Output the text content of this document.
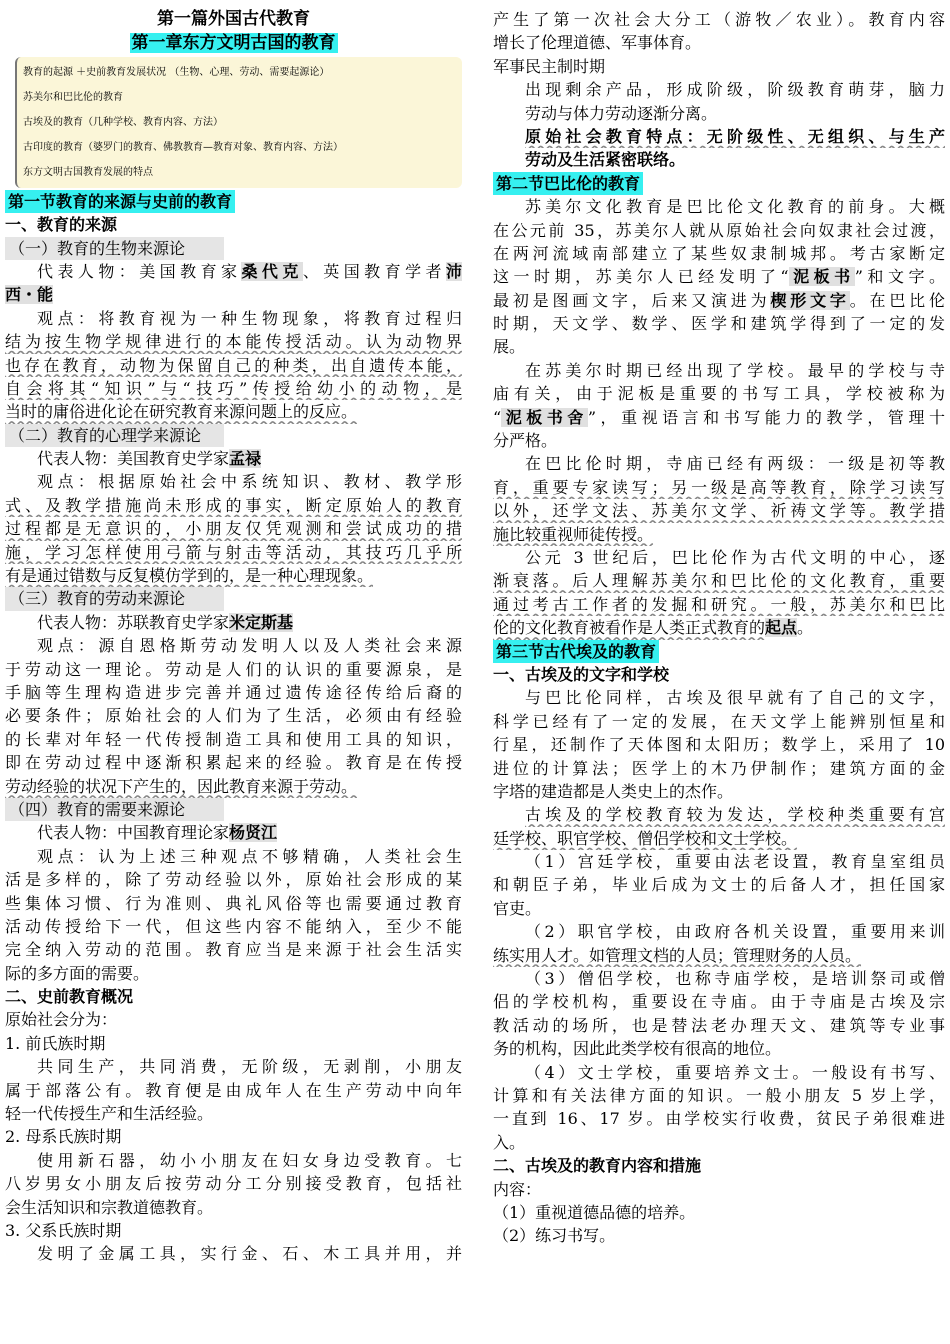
第一篇外国古代教育
第一章东方文明古国的教育
教育的起源 ＋史前教育发展状况 （生物、心理、劳动、需要起源论）
苏美尔和巴比伦的教育
古埃及的教育（几种学校、教育内容、方法）
古印度的教育（婆罗门的教育、佛教教育—教育对象、教育内容、方法）
东方文明古国教育发展的特点
第一节教育的来源与史前的教育
一、教育的来源
（一）教育的生物来源论
代表人物：美国教育家桑代克、英国教育学者沛
西・能
观点：将教育视为一种生物现象，将教育过程归
结为按生物学规律进行的本能传授活动。认为动物界
也存在教育，动物为保留自己的种类，出自遗传本能，
自会将其“知识”与“技巧”传授给幼小的动物，是
当时的庸俗进化论在研究教育来源问题上的反应。
（二）教育的心理学来源论
代表人物：美国教育史学家孟禄
观点：根据原始社会中系统知识、教材、教学形
式、及教学措施尚未形成的事实，断定原始人的教育
过程都是无意识的，小朋友仅凭观测和尝试成功的措
施，学习怎样使用弓箭与射击等活动，其技巧几乎所
有是通过错数与反复模仿学到的，是一种心理现象。
（三）教育的劳动来源论
代表人物：苏联教育史学家米定斯基
观点：源自恩格斯劳动发明人以及人类社会来源
于劳动这一理论。劳动是人们的认识的重要源泉，是
手脑等生理构造进步完善并通过遗传途径传给后裔的
必要条件；原始社会的人们为了生活，必须由有经验
的长辈对年轻一代传授制造工具和使用工具的知识，
即在劳动过程中逐渐积累起来的经验。教育是在传授
劳动经验的状况下产生的，因此教育来源于劳动。
（四）教育的需要来源论
代表人物：中国教育理论家杨贤江
观点：认为上述三种观点不够精确，人类社会生
活是多样的，除了劳动经验以外，原始社会形成的某
些集体习惯、行为准则、典礼风俗等也需要通过教育
活动传授给下一代，但这些内容不能纳入，至少不能
完全纳入劳动的范围。教育应当是来源于社会生活实
际的多方面的需要。
二、史前教育概况
原始社会分为：
1. 前氏族时期
共同生产，共同消费，无阶级，无剥削，小朋友
属于部落公有。教育便是由成年人在生产劳动中向年
轻一代传授生产和生活经验。
2. 母系氏族时期
使用新石器，幼小小朋友在妇女身边受教育。七
八岁男女小朋友后按劳动分工分别接受教育，包括社
会生活知识和宗教道德教育。
3. 父系氏族时期
发明了金属工具，实行金、石、木工具并用，并
产生了第一次社会大分工（游牧／农业）。教育内容
增长了伦理道德、军事体育。
军事民主制时期
出现剩余产品，形成阶级，阶级教育萌芽，脑力
劳动与体力劳动逐渐分离。
原始社会教育特点：无阶级性、无组织、与生产
劳动及生活紧密联络。
第二节巴比伦的教育
苏美尔文化教育是巴比伦文化教育的前身。大概
在公元前 35，苏美尔人就从原始社会向奴隶社会过渡，
在两河流域南部建立了某些奴隶制城邦。考古家断定
这一时期，苏美尔人已经发明了“泥板书”和文字。
最初是图画文字，后来又演进为楔形文字。在巴比伦
时期，天文学、数学、医学和建筑学得到了一定的发
展。
在苏美尔时期已经出现了学校。最早的学校与寺
庙有关，由于泥板是重要的书写工具，学校被称为
“泥板书舍”，重视语言和书写能力的教学，管理十
分严格。
在巴比伦时期，寺庙已经有两级：一级是初等教
育，重要专家读写；另一级是高等教育，除学习读写
以外，还学文法、苏美尔文学、祈祷文学等。教学措
施比较重视师徒传授。
公元 3 世纪后，巴比伦作为古代文明的中心，逐
渐衰落。后人理解苏美尔和巴比伦的文化教育，重要
通过考古工作者的发掘和研究。一般，苏美尔和巴比
伦的文化教育被看作是人类正式教育的起点。
第三节古代埃及的教育
一、古埃及的文字和学校
与巴比伦同样，古埃及很早就有了自己的文字，
科学已经有了一定的发展，在天文学上能辨别恒星和
行星，还制作了天体图和太阳历；数学上，采用了 10
进位的计算法；医学上的木乃伊制作；建筑方面的金
字塔的建造都是人类史上的杰作。
古埃及的学校教育较为发达，学校种类重要有宫
廷学校、职官学校、僧侣学校和文士学校。
（1）宫廷学校，重要由法老设置，教育皇室组员
和朝臣子弟，毕业后成为文士的后备人才，担任国家
官吏。
（2）职官学校，由政府各机关设置，重要用来训
练实用人才。如管理文档的人员；管理财务的人员。
（3）僧侣学校，也称寺庙学校，是培训祭司或僧
侣的学校机构，重要设在寺庙。由于寺庙是古埃及宗
教活动的场所，也是替法老办理天文、建筑等专业事
务的机构，因此此类学校有很高的地位。
（4）文士学校，重要培养文士。一般设有书写、
计算和有关法律方面的知识。一般小朋友 5 岁上学，
一直到 16、17 岁。由学校实行收费，贫民子弟很难进
入。
二、古埃及的教育内容和措施
内容：
（1）重视道德品德的培养。
（2）练习书写。
